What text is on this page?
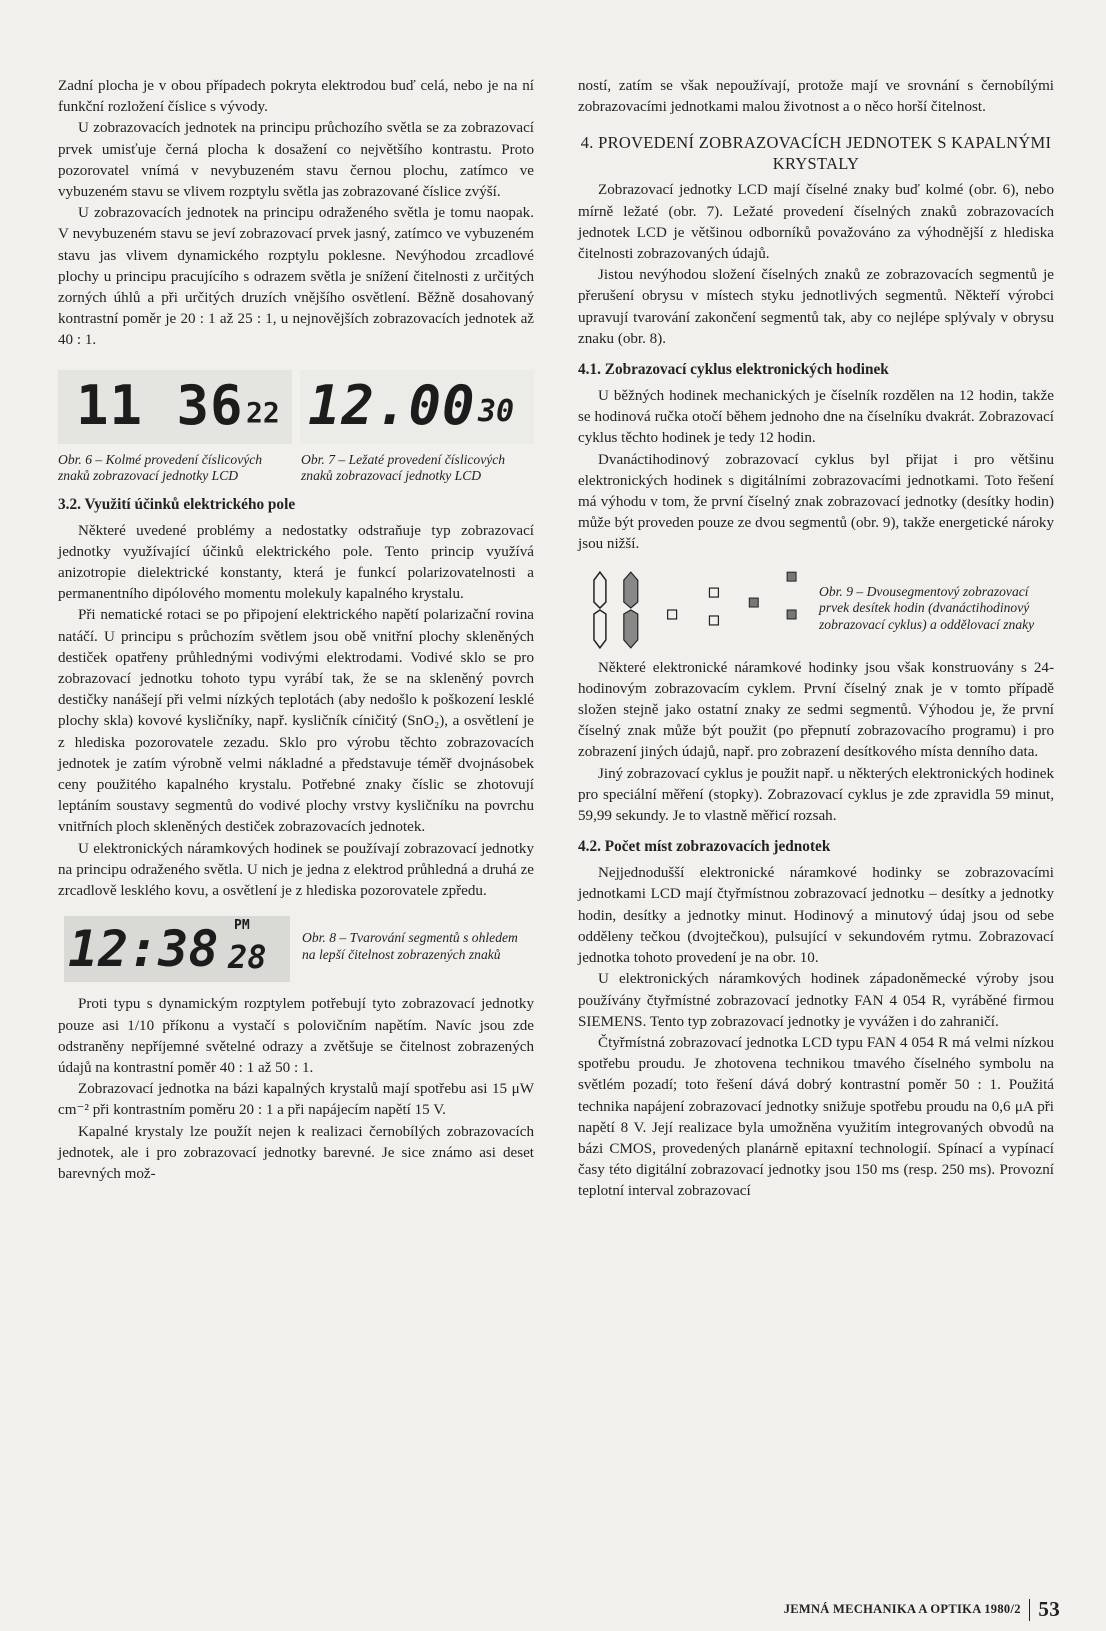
Zadní plocha je v obou případech pokryta elektrodou buď celá, nebo je na ní funkční rozložení číslice s vývody.

U zobrazovacích jednotek na principu průchozího světla se za zobrazovací prvek umisťuje černá plocha k dosažení co největšího kontrastu. Proto pozorovatel vnímá v nevybuzeném stavu černou plochu, zatímco ve vybuzeném stavu se vlivem rozptylu světla jas zobrazované číslice zvýší.

U zobrazovacích jednotek na principu odraženého světla je tomu naopak. V nevybuzeném stavu se jeví zobrazovací prvek jasný, zatímco ve vybuzeném stavu jas vlivem dynamického rozptylu poklesne. Nevýhodou zrcadlové plochy u principu pracujícího s odrazem světla je snížení čitelnosti z určitých zorných úhlů a při určitých druzích vnějšího osvětlení. Běžně dosahovaný kontrastní poměr je 20 : 1 až 25 : 1, u nejnovějších zobrazovacích jednotek až 40 : 1.

11 36 22 12.00 30
Obr. 6 – Kolmé provedení číslicových znaků zobrazovací jednotky LCD
Obr. 7 – Ležaté provedení číslicových znaků zobrazovací jednotky LCD
3.2. Využití účinků elektrického pole

Některé uvedené problémy a nedostatky odstraňuje typ zobrazovací jednotky využívající účinků elektrického pole. Tento princip využívá anizotropie dielektrické konstanty, která je funkcí polarizovatelnosti a permanentního dipólového momentu molekuly kapalného krystalu.

Při nematické rotaci se po připojení elektrického napětí polarizační rovina natáčí. U principu s průchozím světlem jsou obě vnitřní plochy skleněných destiček opatřeny průhlednými vodivými elektrodami. Vodivé sklo se pro zobrazovací jednotku tohoto typu vyrábí tak, že se na skleněný povrch destičky nanášejí při velmi nízkých teplotách (aby nedošlo k poškození lesklé plochy skla) kovové kysličníky, např. kysličník cíničitý (SnO₂), a osvětlení je z hlediska pozorovatele zezadu. Sklo pro výrobu těchto zobrazovacích jednotek je zatím výrobně velmi nákladné a představuje téměř dvojnásobek ceny použitého kapalného krystalu. Potřebné znaky číslic se zhotovují leptáním soustavy segmentů do vodivé plochy vrstvy kysličníku na povrchu vnitřních ploch skleněných destiček zobrazovacích jednotek.

U elektronických náramkových hodinek se používají zobrazovací jednotky na principu odraženého světla. U nich je jedna z elektrod průhledná a druhá ze zrcadlově lesklého kovu, a osvětlení je z hlediska pozorovatele zpředu.

PM
12:38 28
Obr. 8 – Tvarování segmentů s ohledem na lepší čitelnost zobrazených znaků

Proti typu s dynamickým rozptylem potřebují tyto zobrazovací jednotky pouze asi 1/10 příkonu a vystačí s polovičním napětím. Navíc jsou zde odstraněny nepříjemné světelné odrazy a zvětšuje se čitelnost zobrazených údajů na kontrastní poměr 40 : 1 až 50 : 1.

Zobrazovací jednotka na bázi kapalných krystalů mají spotřebu asi 15 μW cm⁻² při kontrastním poměru 20 : 1 a při napájecím napětí 15 V.

Kapalné krystaly lze použít nejen k realizaci černobílých zobrazovacích jednotek, ale i pro zobrazovací jednotky barevné. Je sice známo asi deset barevných mož-

ností, zatím se však nepoužívají, protože mají ve srovnání s černobílými zobrazovacími jednotkami malou životnost a o něco horší čitelnost.

4. PROVEDENÍ ZOBRAZOVACÍCH JEDNOTEK S KAPALNÝMI KRYSTALY

Zobrazovací jednotky LCD mají číselné znaky buď kolmé (obr. 6), nebo mírně ležaté (obr. 7). Ležaté provedení číselných znaků zobrazovacích jednotek LCD je většinou odborníků považováno za výhodnější z hlediska čitelnosti zobrazovaných údajů.

Jistou nevýhodou složení číselných znaků ze zobrazovacích segmentů je přerušení obrysu v místech styku jednotlivých segmentů. Někteří výrobci upravují tvarování zakončení segmentů tak, aby co nejlépe splývaly v obrysu znaku (obr. 8).

4.1. Zobrazovací cyklus elektronických hodinek

U běžných hodinek mechanických je číselník rozdělen na 12 hodin, takže se hodinová ručka otočí během jednoho dne na číselníku dvakrát. Zobrazovací cyklus těchto hodinek je tedy 12 hodin.

Dvanáctihodinový zobrazovací cyklus byl přijat i pro většinu elektronických hodinek s digitálními zobrazovacími jednotkami. Toto řešení má výhodu v tom, že první číselný znak zobrazovací jednotky (desítky hodin) může být proveden pouze ze dvou segmentů (obr. 9), takže energetické nároky jsou nižší.

Obr. 9 – Dvousegmentový zobrazovací prvek desítek hodin (dvanáctihodinový zobrazovací cyklus) a oddělovací znaky

Některé elektronické náramkové hodinky jsou však konstruovány s 24-hodinovým zobrazovacím cyklem. První číselný znak je v tomto případě složen stejně jako ostatní znaky ze sedmi segmentů. Výhodou je, že první číselný znak může být použit (po přepnutí zobrazovacího programu) i pro zobrazení jiných údajů, např. pro zobrazení desítkového místa denního data.

Jiný zobrazovací cyklus je použit např. u některých elektronických hodinek pro speciální měření (stopky). Zobrazovací cyklus je zde zpravidla 59 minut, 59,99 sekundy. Je to vlastně měřicí rozsah.

4.2. Počet míst zobrazovacích jednotek

Nejjednodušší elektronické náramkové hodinky se zobrazovacími jednotkami LCD mají čtyřmístnou zobrazovací jednotku – desítky a jednotky hodin, desítky a jednotky minut. Hodinový a minutový údaj jsou od sebe odděleny tečkou (dvojtečkou), pulsující v sekundovém rytmu. Zobrazovací jednotka tohoto provedení je na obr. 10.

U elektronických náramkových hodinek západoněmecké výroby jsou používány čtyřmístné zobrazovací jednotky FAN 4 054 R, vyráběné firmou SIEMENS. Tento typ zobrazovací jednotky je vyvážen i do zahraničí.

Čtyřmístná zobrazovací jednotka LCD typu FAN 4 054 R má velmi nízkou spotřebu proudu. Je zhotovena technikou tmavého číselného symbolu na světlém pozadí; toto řešení dává dobrý kontrastní poměr 50 : 1. Použitá technika napájení zobrazovací jednotky snižuje spotřebu proudu na 0,6 μA při napětí 8 V. Její realizace byla umožněna využitím integrovaných obvodů na bázi CMOS, provedených planárně epitaxní technologií. Spínací a vypínací časy této digitální zobrazovací jednotky jsou 150 ms (resp. 250 ms). Provozní teplotní interval zobrazovací

JEMNÁ MECHANIKA A OPTIKA 1980/2 53
